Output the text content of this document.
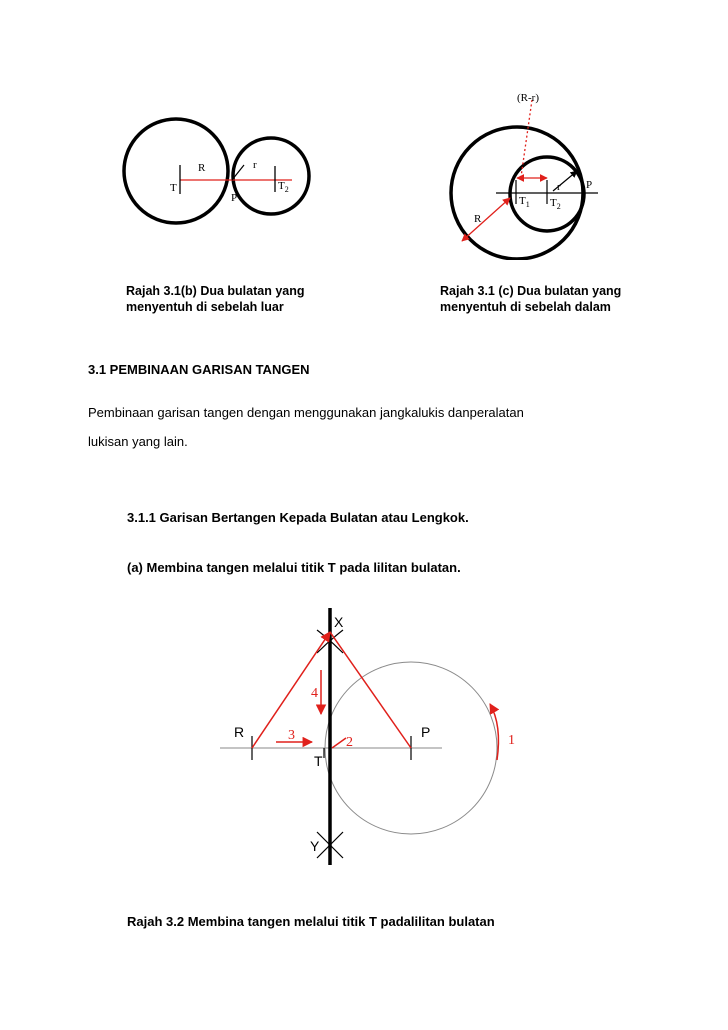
R	r
T	$T_2$
P
Rajah 3.1(b) Dua bulatan yang
menyentuh di sebelah luar
(R-r)
R
r P
$T_1$ $T_2$
Rajah 3.1 (c) Dua bulatan yang
menyentuh di sebelah dalam
3.1 PEMBINAAN GARISAN TANGEN
Pembinaan garisan tangen dengan menggunakan jangkalukis danperalatan
lukisan yang lain.
3.1.1 Garisan Bertangen Kepada Bulatan atau Lengkok.
(a) Membina tangen melalui titik T pada lilitan bulatan.
X
Y
R	P
T
1
2
3
4
Rajah 3.2 Membina tangen melalui titik T padalilitan bulatan
